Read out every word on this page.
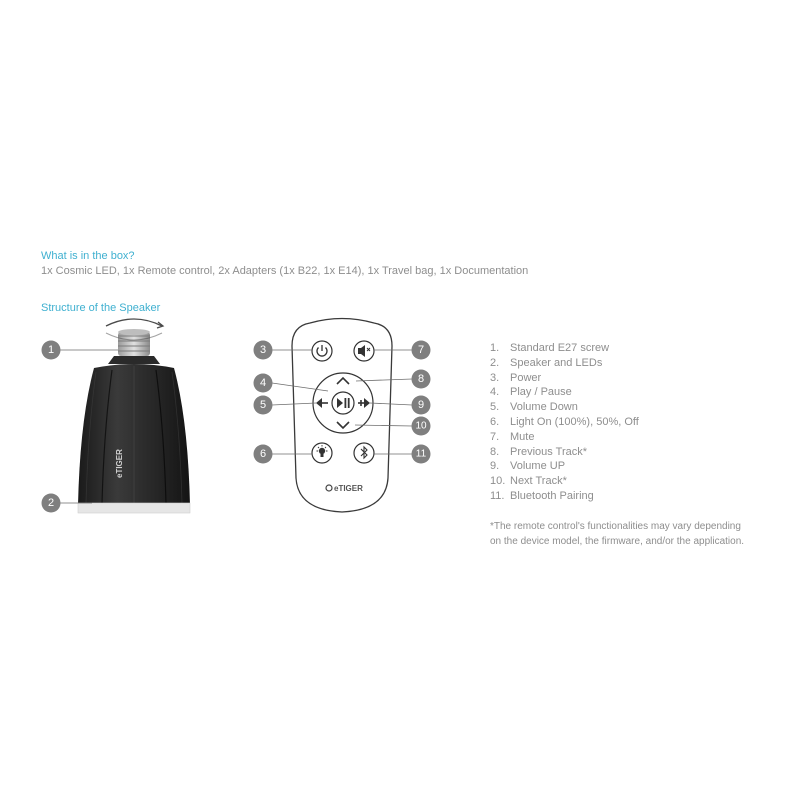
What is in the box?
1x Cosmic LED, 1x Remote control, 2x Adapters (1x B22, 1x E14), 1x Travel bag, 1x Documentation
Structure of the Speaker
eTIGER
eTIGER
1
2
3
4
5
6
7
8
9
10
11
1. Standard E27 screw
2. Speaker and LEDs
3. Power
4. Play / Pause
5. Volume Down
6. Light On (100%), 50%, Off
7. Mute
8. Previous Track*
9. Volume UP
10. Next Track*
11. Bluetooth Pairing
*The remote control's functionalities may vary depending
on the device model, the firmware, and/or the application.
